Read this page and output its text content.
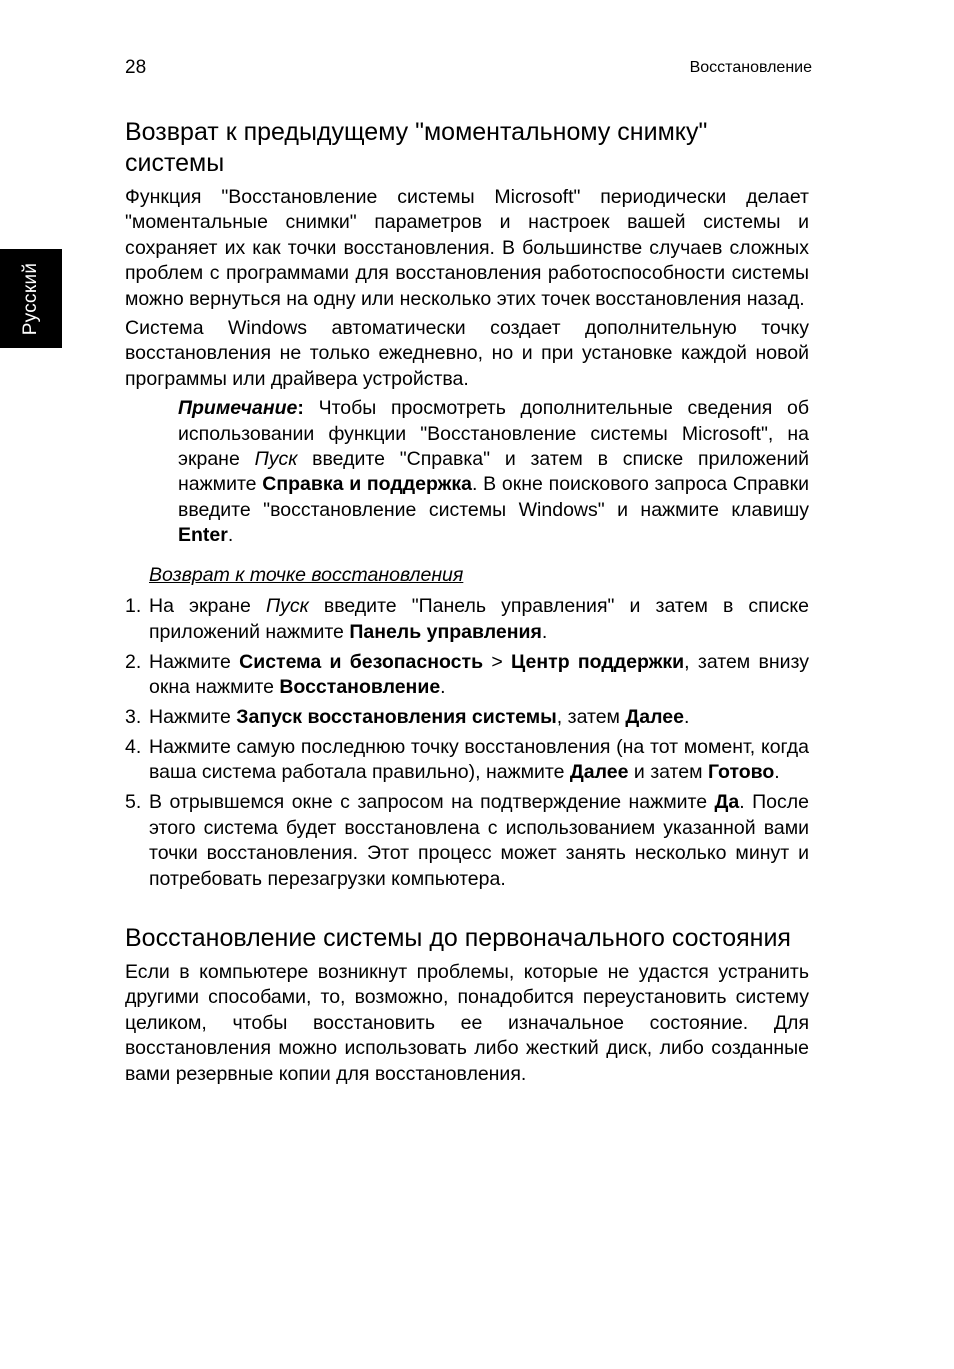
28	Восстановление
Русский
Возврат к предыдущему "моментальному снимку" системы

Функция "Восстановление системы Microsoft" периодически делает "моментальные снимки" параметров и настроек вашей системы и сохраняет их как точки восстановления. В большинстве случаев сложных проблем с программами для восстановления работоспособности системы можно вернуться на одну или несколько этих точек восстановления назад.

Система Windows автоматически создает дополнительную точку восстановления не только ежедневно, но и при установке каждой новой программы или драйвера устройства.

Примечание: Чтобы просмотреть дополнительные сведения об использовании функции "Восстановление системы Microsoft", на экране Пуск введите "Справка" и затем в списке приложений нажмите Справка и поддержка. В окне поискового запроса Справки введите "восстановление системы Windows" и нажмите клавишу Enter.
Возврат к точке восстановления
1. На экране Пуск введите "Панель управления" и затем в списке приложений нажмите Панель управления.
2. Нажмите Система и безопасность > Центр поддержки, затем внизу окна нажмите Восстановление.
3. Нажмите Запуск восстановления системы, затем Далее.
4. Нажмите самую последнюю точку восстановления (на тот момент, когда ваша система работала правильно), нажмите Далее и затем Готово.
5. В отрывшемся окне с запросом на подтверждение нажмите Да. После этого система будет восстановлена с использованием указанной вами точки восстановления. Этот процесс может занять несколько минут и потребовать перезагрузки компьютера.
Восстановление системы до первоначального состояния

Если в компьютере возникнут проблемы, которые не удастся устранить другими способами, то, возможно, понадобится переустановить систему целиком, чтобы восстановить ее изначальное состояние. Для восстановления можно использовать либо жесткий диск, либо созданные вами резервные копии для восстановления.
